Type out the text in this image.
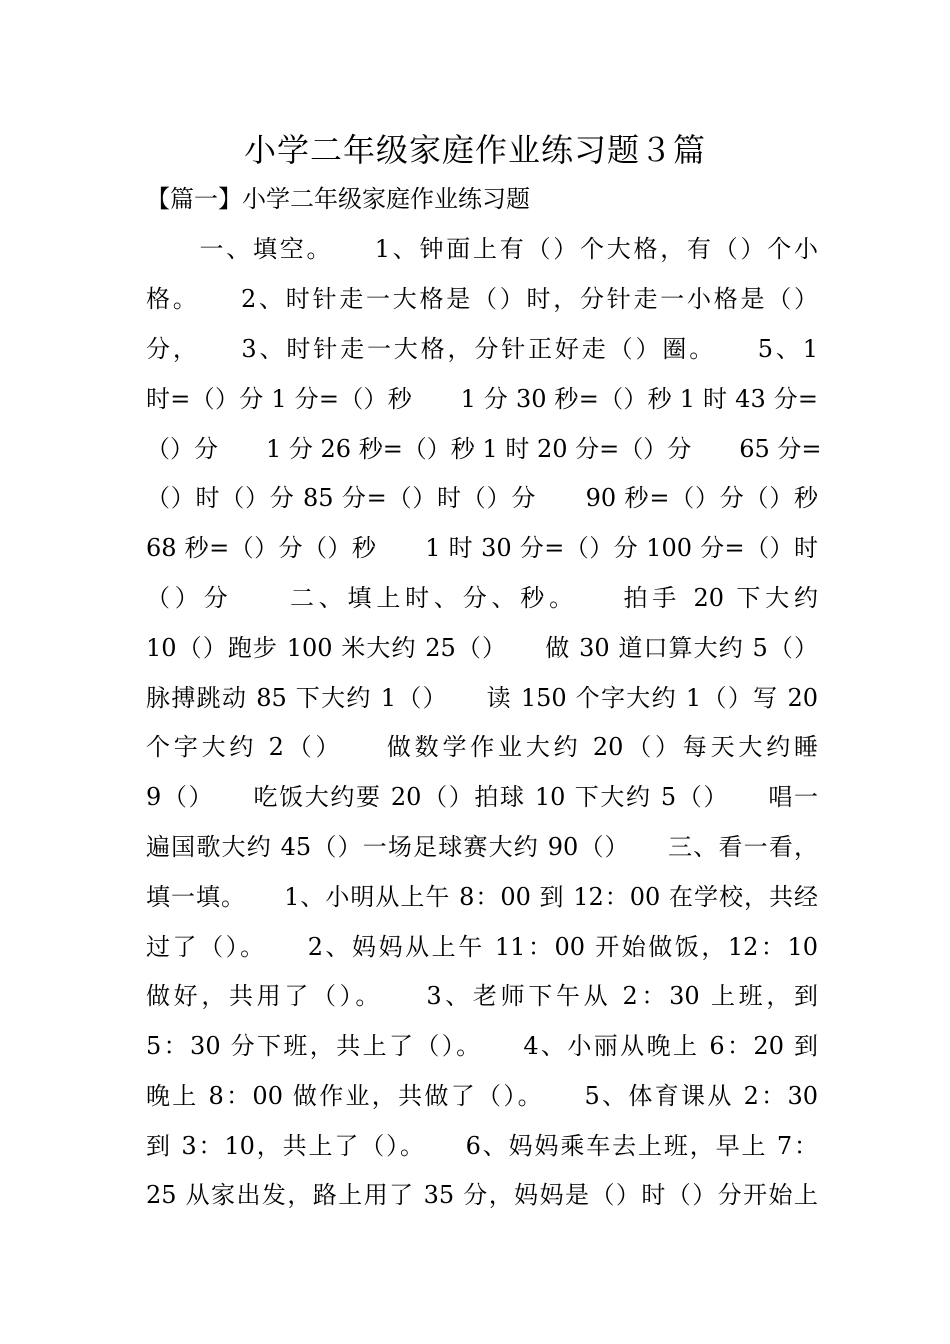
小学二年级家庭作业练习题３篇
【篇一】小学二年级家庭作业练习题
　　一、填空。　　1、钟面上有（）个大格，有（）个小
格。　　2、时针走一大格是（）时，分针走一小格是（）
分，　　3、时针走一大格，分针正好走（）圈。　　5、1
时=（）分 1 分=（）秒　　1 分 30 秒=（）秒 1 时 43 分=
（）分　　1 分 26 秒=（）秒 1 时 20 分=（）分　　65 分=
（）时（）分 85 分=（）时（）分　　90 秒=（）分（）秒
68 秒=（）分（）秒　　1 时 30 分=（）分 100 分=（）时
（）分　　二、填上时、分、秒。　　拍手 20 下大约
10（）跑步 100 米大约 25（）　　做 30 道口算大约 5（）
脉搏跳动 85 下大约 1（）　　读 150 个字大约 1（）写 20
个字大约 2（）　　做数学作业大约 20（）每天大约睡
9（）　　吃饭大约要 20（）拍球 10 下大约 5（）　　唱一
遍国歌大约 45（）一场足球赛大约 90（）　　三、看一看，
填一填。　　1、小明从上午 8：00 到 12：00 在学校，共经
过了（）。　　2、妈妈从上午 11：00 开始做饭，12：10
做好，共用了（）。　　3、老师下午从 2：30 上班，到
5：30 分下班，共上了（）。　　4、小丽从晚上 6：20 到
晚上 8：00 做作业，共做了（）。　　5、体育课从 2：30
到 3：10，共上了（）。　　6、妈妈乘车去上班，早上 7：
25 从家出发，路上用了 35 分，妈妈是（）时（）分开始上
